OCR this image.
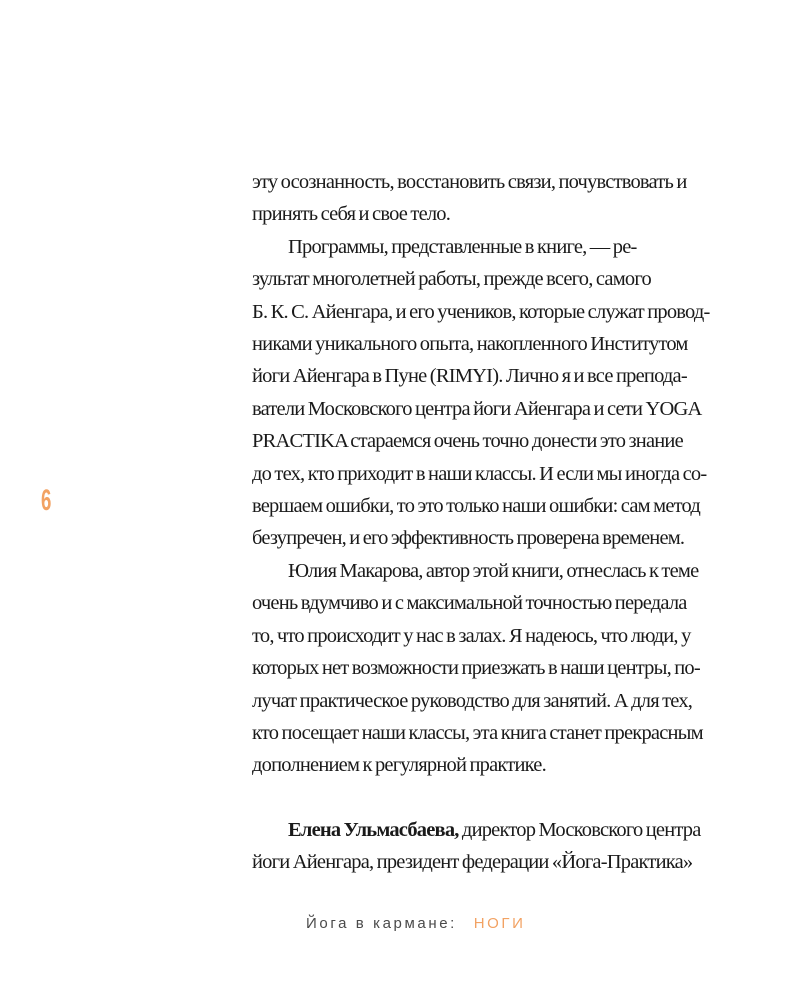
6
эту осознанность, восстановить связи, почувствовать и
принять себя и свое тело.
Программы, представленные в книге, — ре-
зультат многолетней работы, прежде всего, самого
Б. К. С. Айенгара, и его учеников, которые служат провод-
никами уникального опыта, накопленного Институтом
йоги Айенгара в Пуне (RIMYI). Лично я и все препода-
ватели Московского центра йоги Айенгара и сети YOGA
PRACTIKA стараемся очень точно донести это знание
до тех, кто приходит в наши классы. И если мы иногда со-
вершаем ошибки, то это только наши ошибки: сам метод
безупречен, и его эффективность проверена временем.
Юлия Макарова, автор этой книги, отнеслась к теме
очень вдумчиво и с максимальной точностью передала
то, что происходит у нас в залах. Я надеюсь, что люди, у
которых нет возможности приезжать в наши центры, по-
лучат практическое руководство для занятий. А для тех,
кто посещает наши классы, эта книга станет прекрасным
дополнением к регулярной практике.
Елена Ульмасбаева, директор Московского центра
йоги Айенгара, президент федерации «Йога-Практика»
Йога в кармане: НОГИ
